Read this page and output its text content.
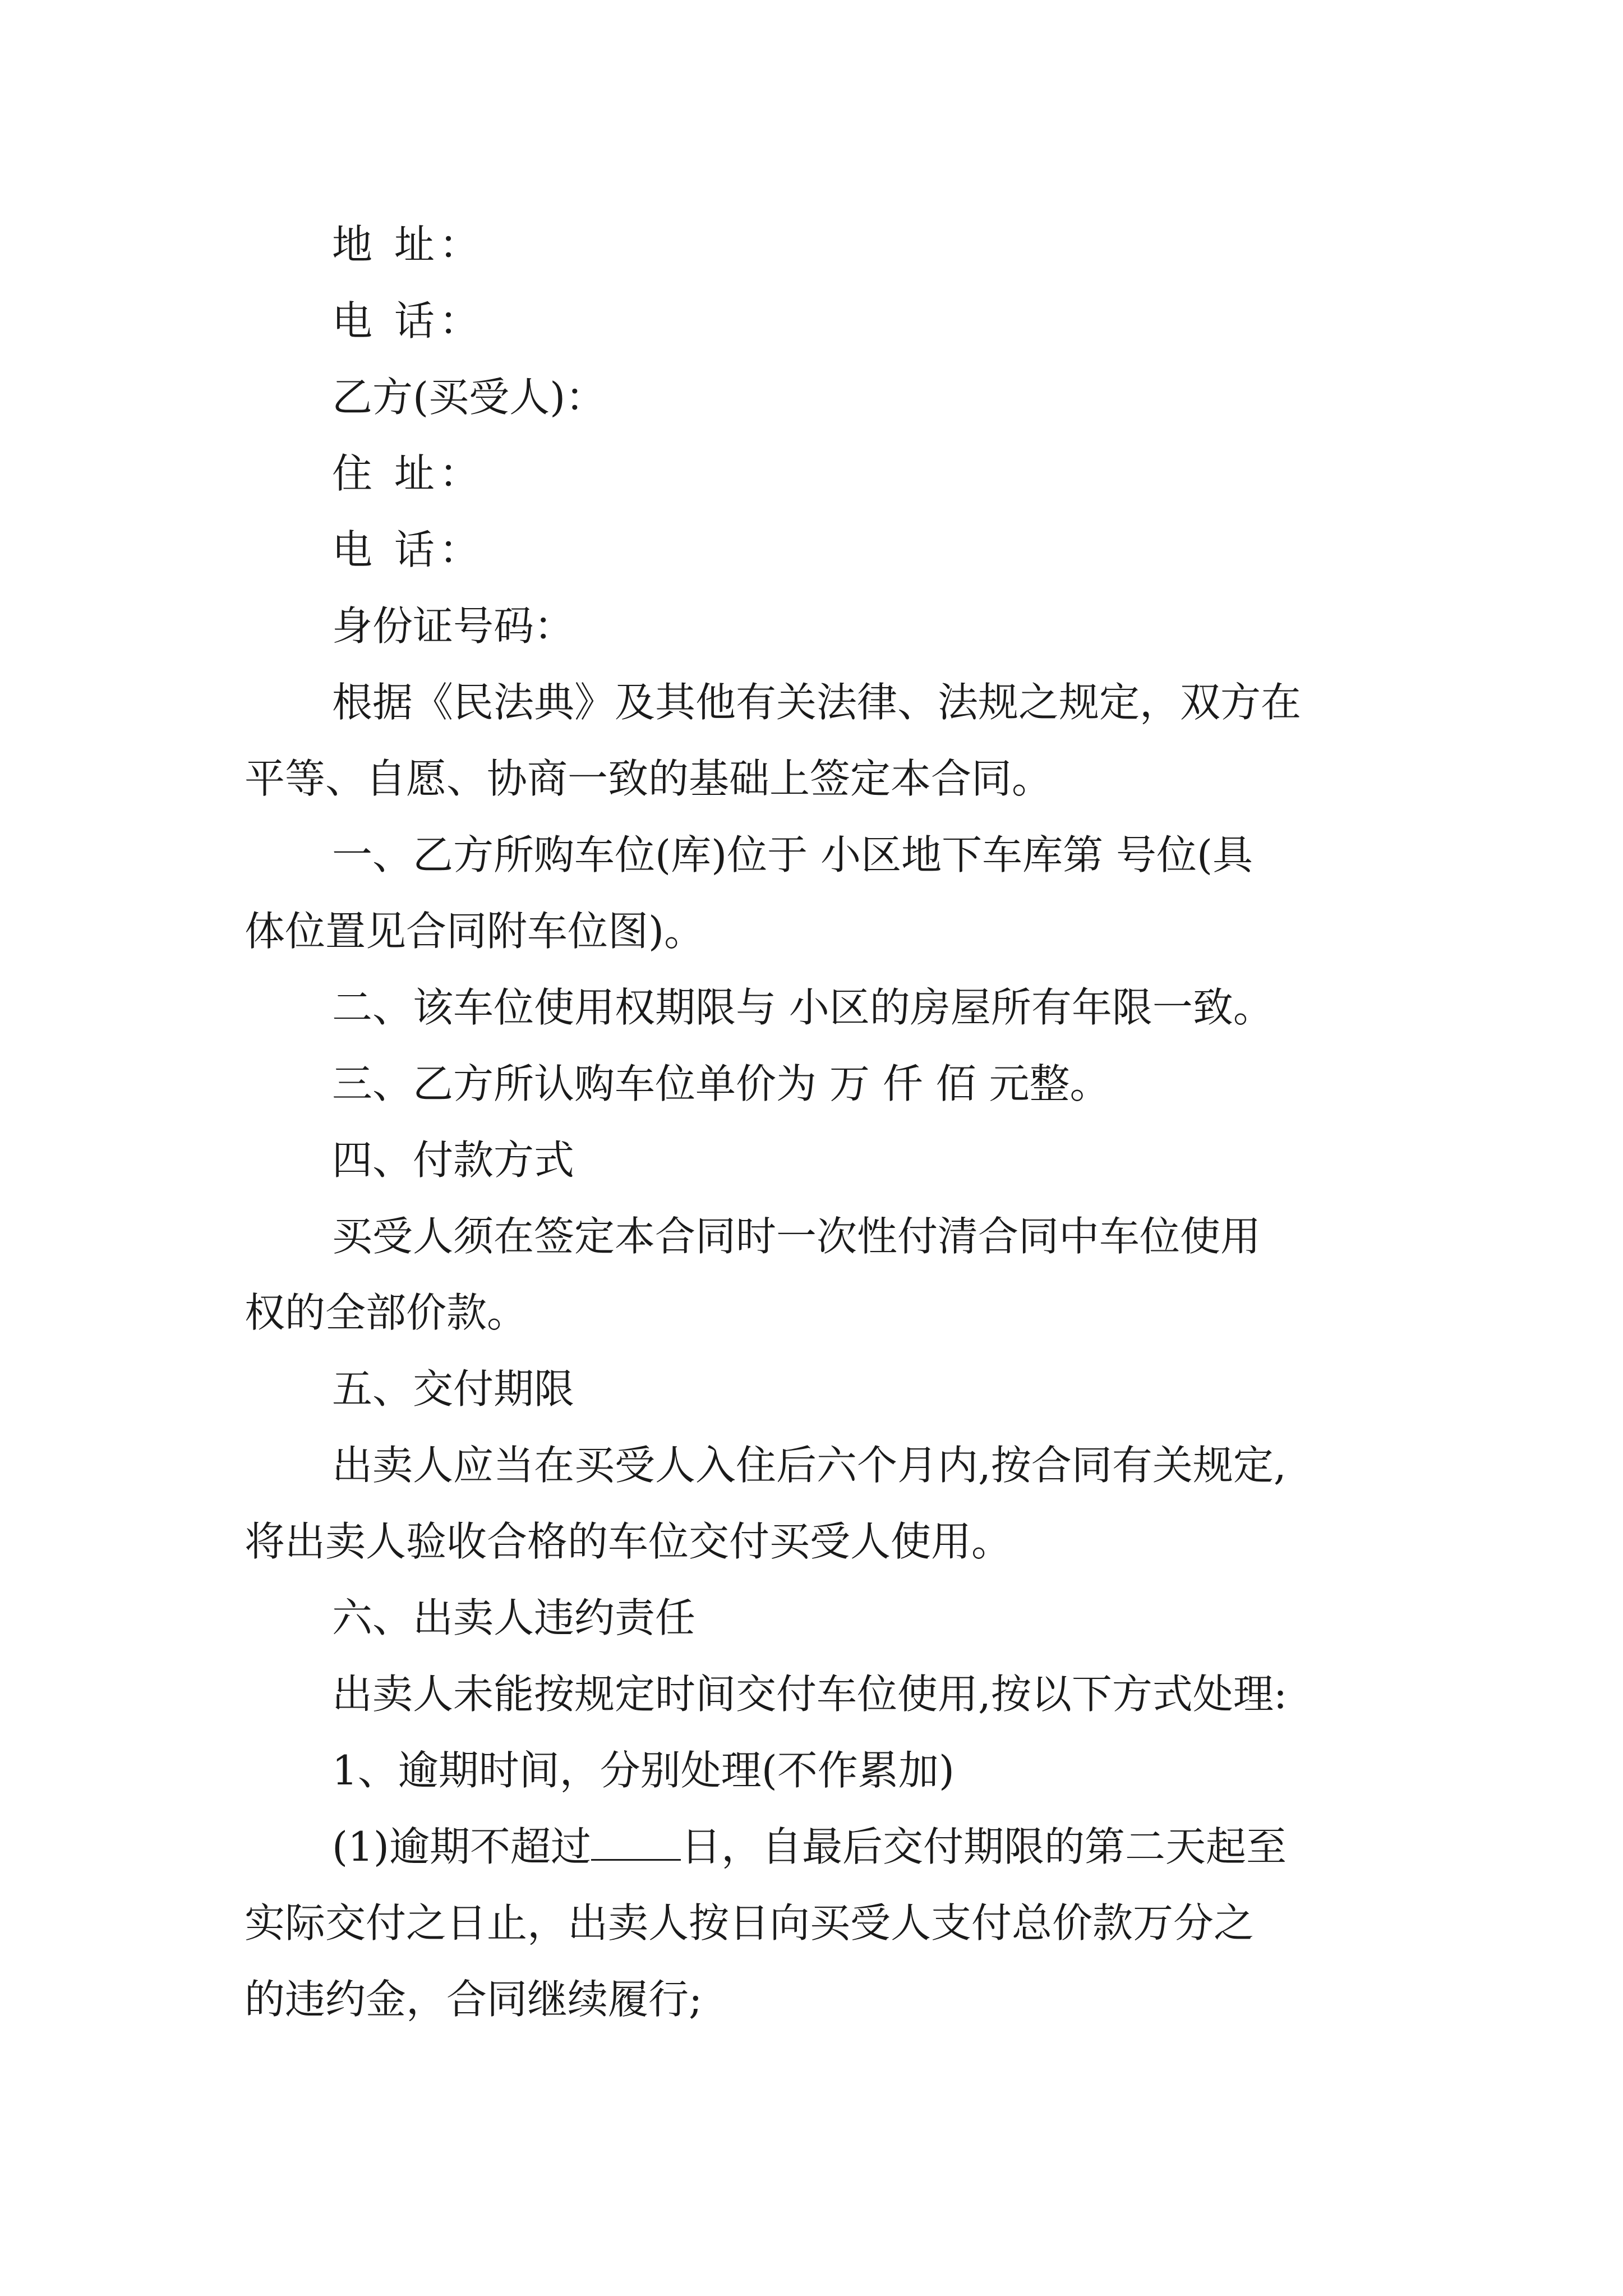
地 址：
电 话：
乙方(买受人)：
住 址：
电 话：
身份证号码：
根据《民法典》及其他有关法律、法规之规定，双方在
平等、自愿、协商一致的基础上签定本合同。
一、乙方所购车位(库)位于 小区地下车库第 号位(具
体位置见合同附车位图)。
二、该车位使用权期限与 小区的房屋所有年限一致。
三、乙方所认购车位单价为 万 仟 佰 元整。
四、付款方式
买受人须在签定本合同时一次性付清合同中车位使用
权的全部价款。
五、交付期限
出卖人应当在买受人入住后六个月内,按合同有关规定,
将出卖人验收合格的车位交付买受人使用。
六、出卖人违约责任
出卖人未能按规定时间交付车位使用,按以下方式处理:
1、逾期时间，分别处理(不作累加)
(1)逾期不超过 日，自最后交付期限的第二天起至
实际交付之日止，出卖人按日向买受人支付总价款万分之
的违约金，合同继续履行;
